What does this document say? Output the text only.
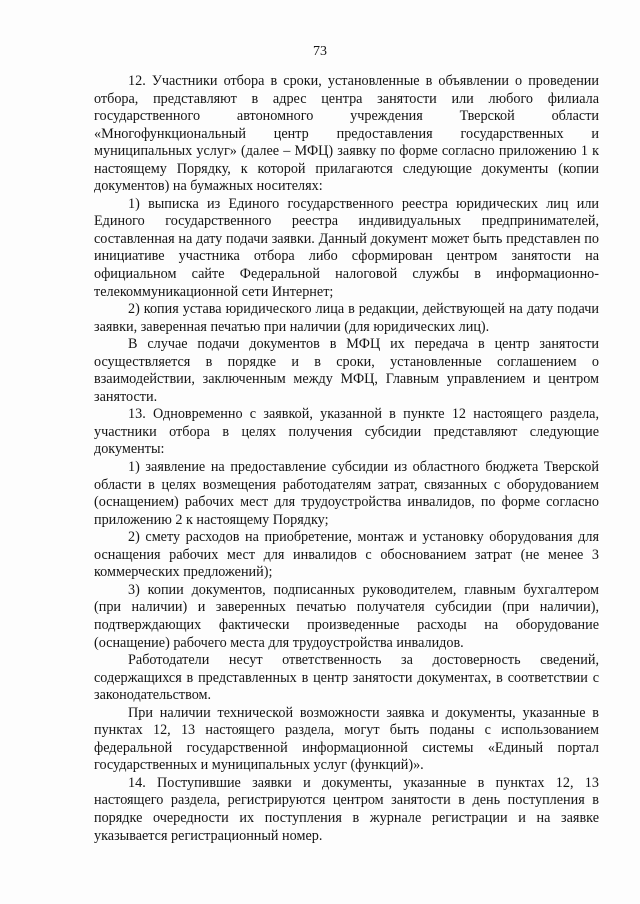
73

12. Участники отбора в сроки, установленные в объявлении о проведении отбора, представляют в адрес центра занятости или любого филиала государственного автономного учреждения Тверской области «Многофункциональный центр предоставления государственных и муниципальных услуг» (далее – МФЦ) заявку по форме согласно приложению 1 к настоящему Порядку, к которой прилагаются следующие документы (копии документов) на бумажных носителях:

1) выписка из Единого государственного реестра юридических лиц или Единого государственного реестра индивидуальных предпринимателей, составленная на дату подачи заявки. Данный документ может быть представлен по инициативе участника отбора либо сформирован центром занятости на официальном сайте Федеральной налоговой службы в информационно-телекоммуникационной сети Интернет;

2) копия устава юридического лица в редакции, действующей на дату подачи заявки, заверенная печатью при наличии (для юридических лиц).

В случае подачи документов в МФЦ их передача в центр занятости осуществляется в порядке и в сроки, установленные соглашением о взаимодействии, заключенным между МФЦ, Главным управлением и центром занятости.

13. Одновременно с заявкой, указанной в пункте 12 настоящего раздела, участники отбора в целях получения субсидии представляют следующие документы:

1) заявление на предоставление субсидии из областного бюджета Тверской области в целях возмещения работодателям затрат, связанных с оборудованием (оснащением) рабочих мест для трудоустройства инвалидов, по форме согласно приложению 2 к настоящему Порядку;

2) смету расходов на приобретение, монтаж и установку оборудования для оснащения рабочих мест для инвалидов с обоснованием затрат (не менее 3 коммерческих предложений);

3) копии документов, подписанных руководителем, главным бухгалтером (при наличии) и заверенных печатью получателя субсидии (при наличии), подтверждающих фактически произведенные расходы на оборудование (оснащение) рабочего места для трудоустройства инвалидов.

Работодатели несут ответственность за достоверность сведений, содержащихся в представленных в центр занятости документах, в соответствии с законодательством.

При наличии технической возможности заявка и документы, указанные в пунктах 12, 13 настоящего раздела, могут быть поданы с использованием федеральной государственной информационной системы «Единый портал государственных и муниципальных услуг (функций)».

14. Поступившие заявки и документы, указанные в пунктах 12, 13 настоящего раздела, регистрируются центром занятости в день поступления в порядке очередности их поступления в журнале регистрации и на заявке указывается регистрационный номер.
